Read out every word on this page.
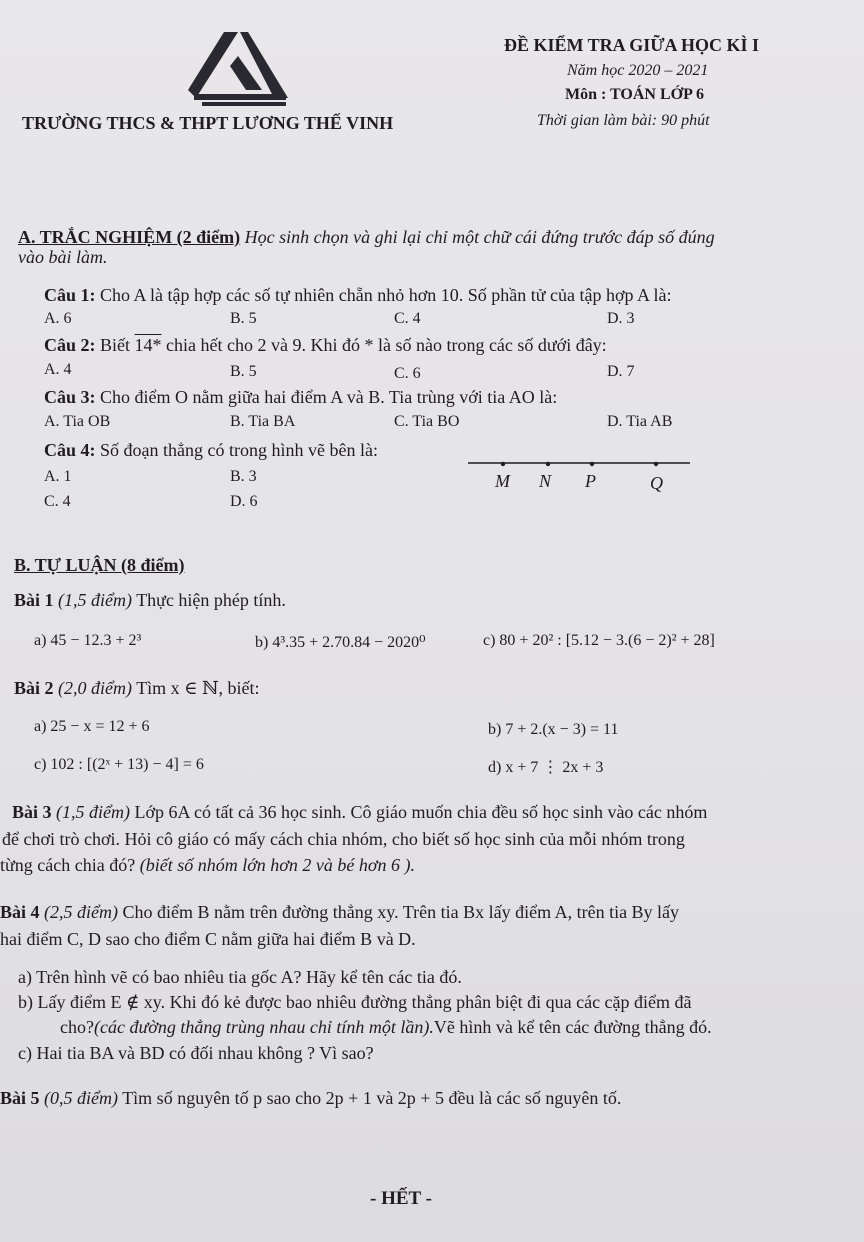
ĐỀ KIỂM TRA GIỮA HỌC KÌ I
Năm học 2020 – 2021
Môn : TOÁN LỚP 6
TRƯỜNG THCS & THPT LƯƠNG THẾ VINH	Thời gian làm bài: 90 phút
A. TRẮC NGHIỆM (2 điểm) Học sinh chọn và ghi lại chỉ một chữ cái đứng trước đáp số đúng
vào bài làm.
Câu 1: Cho A là tập hợp các số tự nhiên chẵn nhỏ hơn 10. Số phần tử của tập hợp A là:
A. 6	B. 5	C. 4	D. 3
Câu 2: Biết 14* chia hết cho 2 và 9. Khi đó * là số nào trong các số dưới đây:
A. 4	B. 5	C. 6	D. 7
Câu 3: Cho điểm O nằm giữa hai điểm A và B. Tia trùng với tia AO là:
A. Tia OB	B. Tia BA	C. Tia BO	D. Tia AB
Câu 4: Số đoạn thẳng có trong hình vẽ bên là:
A. 1	B. 3
C. 4	D. 6
M N P	Q
B. TỰ LUẬN (8 điểm)
Bài 1 (1,5 điểm) Thực hiện phép tính.
a) 45 − 12.3 + 2³	b) 4³.35 + 2.70.84 − 2020⁰	c) 80 + 20² : [5.12 − 3.(6 − 2)² + 28]
Bài 2 (2,0 điểm) Tìm x ∈ ℕ, biết:
a) 25 − x = 12 + 6	b) 7 + 2.(x − 3) = 11
c) 102 : [(2ˣ + 13) − 4] = 6	d) x + 7 ⋮ 2x + 3
Bài 3 (1,5 điểm) Lớp 6A có tất cả 36 học sinh. Cô giáo muốn chia đều số học sinh vào các nhóm
để chơi trò chơi. Hỏi cô giáo có mấy cách chia nhóm, cho biết số học sinh của mỗi nhóm trong
từng cách chia đó? (biết số nhóm lớn hơn 2 và bé hơn 6 ).
Bài 4 (2,5 điểm) Cho điểm B nằm trên đường thẳng xy. Trên tia Bx lấy điểm A, trên tia By lấy
hai điểm C, D sao cho điểm C nằm giữa hai điểm B và D.
a) Trên hình vẽ có bao nhiêu tia gốc A? Hãy kể tên các tia đó.
b) Lấy điểm E ∉ xy. Khi đó kẻ được bao nhiêu đường thẳng phân biệt đi qua các cặp điểm đã
cho?(các đường thẳng trùng nhau chỉ tính một lần).Vẽ hình và kể tên các đường thẳng đó.
c) Hai tia BA và BD có đối nhau không ? Vì sao?
Bài 5 (0,5 điểm) Tìm số nguyên tố p sao cho 2p + 1 và 2p + 5 đều là các số nguyên tố.
- HẾT -
